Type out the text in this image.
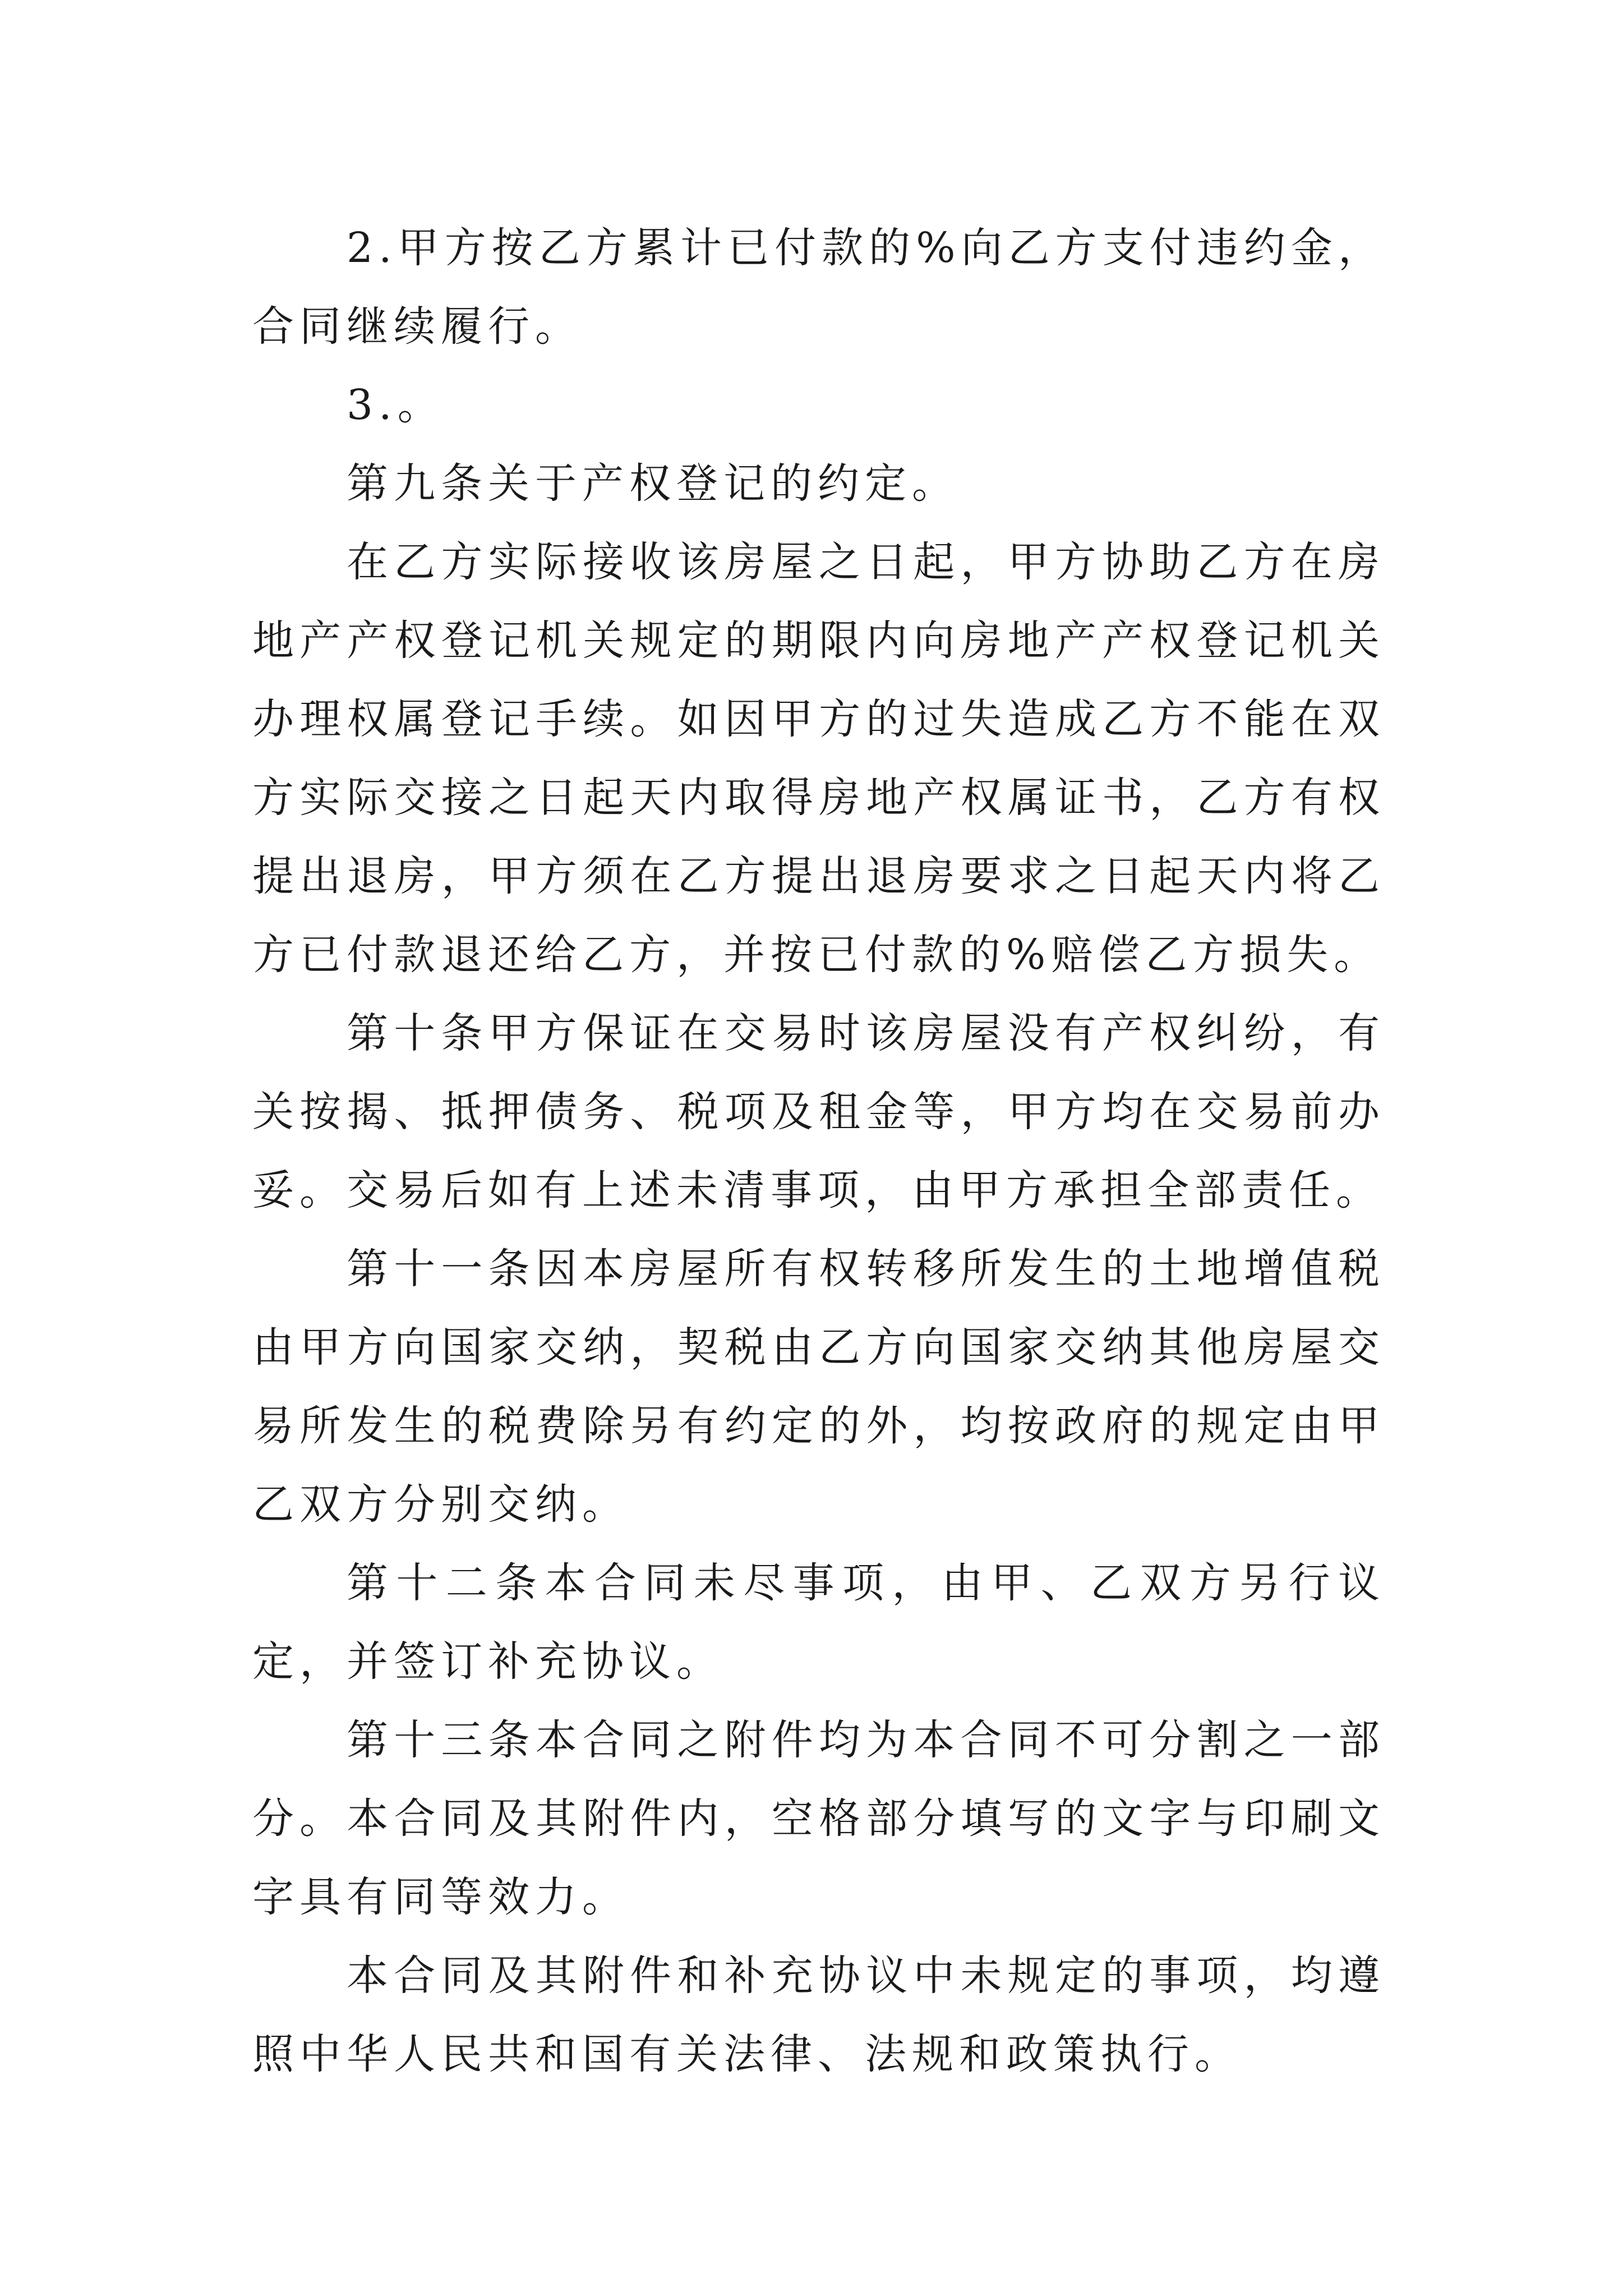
2.甲方按乙方累计已付款的%向乙方支付违约金，合同继续履行。

3.。

第九条关于产权登记的约定。

在乙方实际接收该房屋之日起，甲方协助乙方在房地产产权登记机关规定的期限内向房地产产权登记机关办理权属登记手续。如因甲方的过失造成乙方不能在双方实际交接之日起天内取得房地产权属证书，乙方有权提出退房，甲方须在乙方提出退房要求之日起天内将乙方已付款退还给乙方，并按已付款的%赔偿乙方损失。

第十条甲方保证在交易时该房屋没有产权纠纷，有关按揭、抵押债务、税项及租金等，甲方均在交易前办妥。交易后如有上述未清事项，由甲方承担全部责任。

第十一条因本房屋所有权转移所发生的土地增值税由甲方向国家交纳，契税由乙方向国家交纳其他房屋交易所发生的税费除另有约定的外，均按政府的规定由甲乙双方分别交纳。

第十二条本合同未尽事项，由甲、乙双方另行议定，并签订补充协议。

第十三条本合同之附件均为本合同不可分割之一部分。本合同及其附件内，空格部分填写的文字与印刷文字具有同等效力。

本合同及其附件和补充协议中未规定的事项，均遵照中华人民共和国有关法律、法规和政策执行。
